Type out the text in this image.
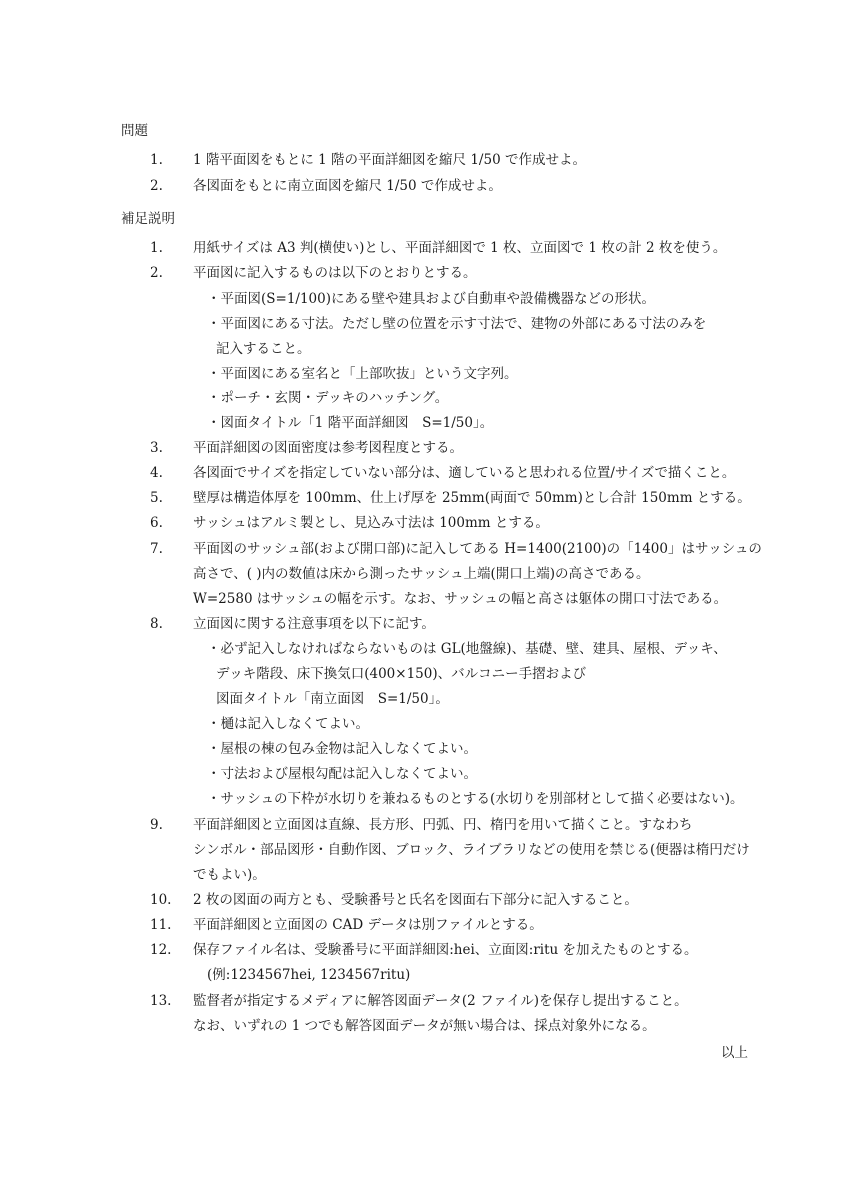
問題
1. 1 階平面図をもとに 1 階の平面詳細図を縮尺 1/50 で作成せよ。
2. 各図面をもとに南立面図を縮尺 1/50 で作成せよ。
補足説明
1. 用紙サイズは A3 判(横使い)とし、平面詳細図で 1 枚、立面図で 1 枚の計 2 枚を使う。
2. 平面図に記入するものは以下のとおりとする。
・平面図(S=1/100)にある壁や建具および自動車や設備機器などの形状。
・平面図にある寸法。ただし壁の位置を示す寸法で、建物の外部にある寸法のみを
記入すること。
・平面図にある室名と「上部吹抜」という文字列。
・ポーチ・玄関・デッキのハッチング。
・図面タイトル「1 階平面詳細図　S=1/50」。
3. 平面詳細図の図面密度は参考図程度とする。
4. 各図面でサイズを指定していない部分は、適していると思われる位置/サイズで描くこと。
5. 壁厚は構造体厚を 100mm、仕上げ厚を 25mm(両面で 50mm)とし合計 150mm とする。
6. サッシュはアルミ製とし、見込み寸法は 100mm とする。
7. 平面図のサッシュ部(および開口部)に記入してある H=1400(2100)の「1400」はサッシュの
高さで、( )内の数値は床から測ったサッシュ上端(開口上端)の高さである。
W=2580 はサッシュの幅を示す。なお、サッシュの幅と高さは躯体の開口寸法である。
8. 立面図に関する注意事項を以下に記す。
・必ず記入しなければならないものは GL(地盤線)、基礎、壁、建具、屋根、デッキ、
デッキ階段、床下換気口(400×150)、バルコニー手摺および
図面タイトル「南立面図　S=1/50」。
・樋は記入しなくてよい。
・屋根の棟の包み金物は記入しなくてよい。
・寸法および屋根勾配は記入しなくてよい。
・サッシュの下枠が水切りを兼ねるものとする(水切りを別部材として描く必要はない)。
9. 平面詳細図と立面図は直線、長方形、円弧、円、楕円を用いて描くこと。すなわち
シンボル・部品図形・自動作図、ブロック、ライブラリなどの使用を禁じる(便器は楕円だけ
でもよい)。
10. 2 枚の図面の両方とも、受験番号と氏名を図面右下部分に記入すること。
11. 平面詳細図と立面図の CAD データは別ファイルとする。
12. 保存ファイル名は、受験番号に平面詳細図:hei、立面図:ritu を加えたものとする。
(例:1234567hei, 1234567ritu)
13. 監督者が指定するメディアに解答図面データ(2 ファイル)を保存し提出すること。
なお、いずれの 1 つでも解答図面データが無い場合は、採点対象外になる。
以上
